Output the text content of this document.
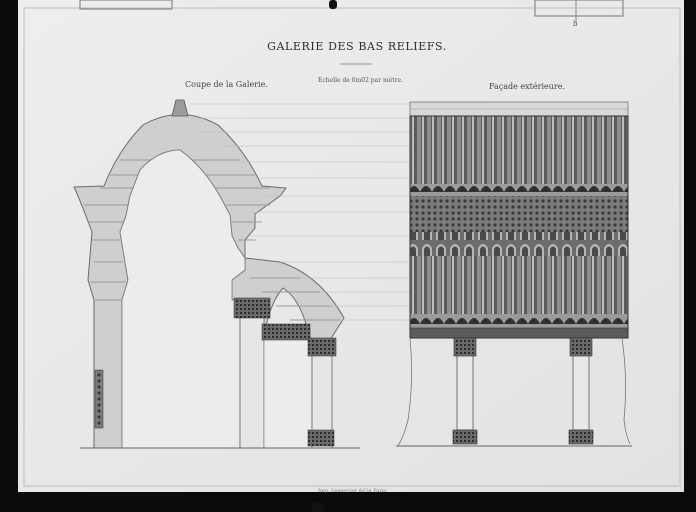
GALERIE DES BAS RELIEFS.
Coupe de la Galerie.	Echelle de 0m02 par mètre.
Façade extérieure.
Imp. Lemercier &Cie Paris.
b
